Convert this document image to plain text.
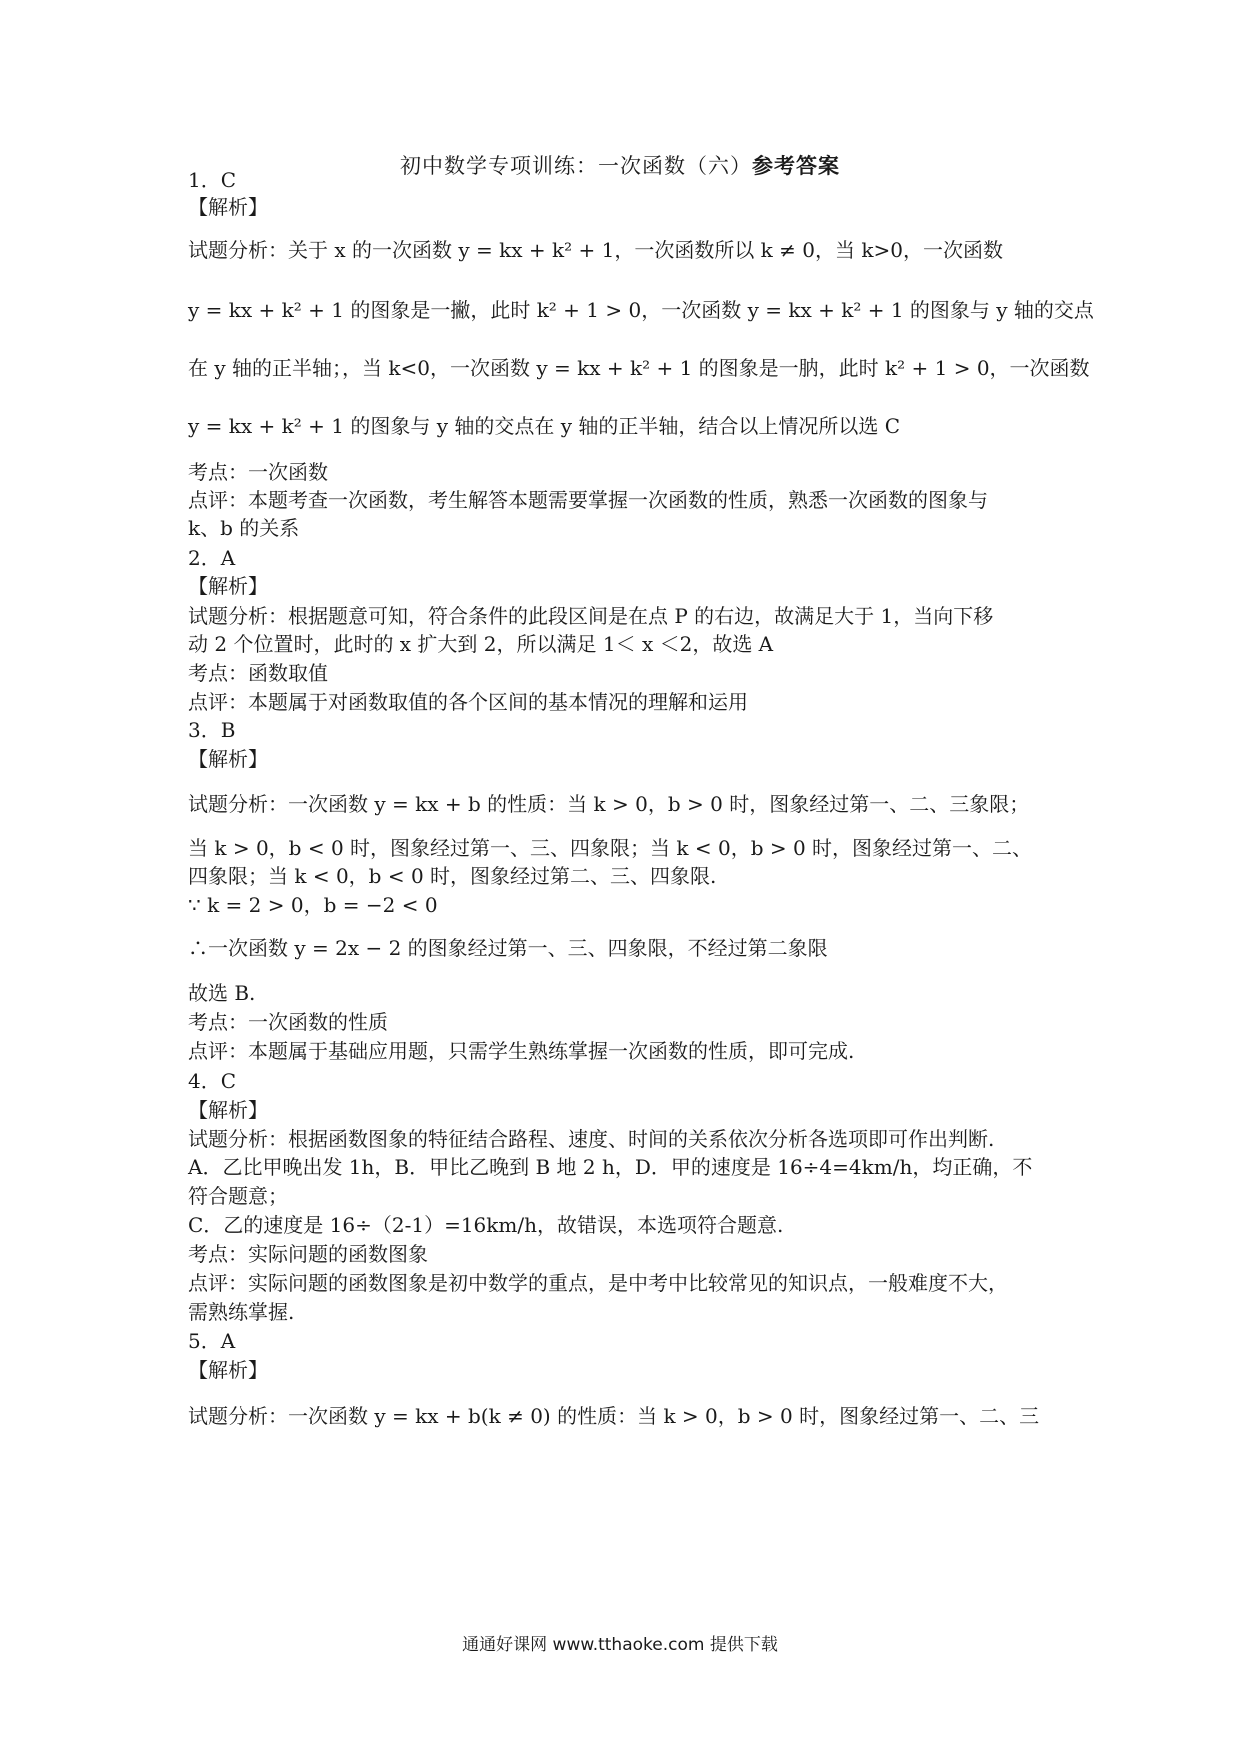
初中数学专项训练：一次函数（六）参考答案
1．C
【解析】
试题分析：关于 x 的一次函数 y = kx + k² + 1，一次函数所以 k ≠ 0，当 k>0，一次函数
y = kx + k² + 1 的图象是一撇，此时 k² + 1 > 0，一次函数 y = kx + k² + 1 的图象与 y 轴的交点
在 y 轴的正半轴；，当 k<0，一次函数 y = kx + k² + 1 的图象是一肭，此时 k² + 1 > 0，一次函数
y = kx + k² + 1 的图象与 y 轴的交点在 y 轴的正半轴，结合以上情况所以选 C
考点：一次函数
点评：本题考查一次函数，考生解答本题需要掌握一次函数的性质，熟悉一次函数的图象与
k、b 的关系
2．A
【解析】
试题分析：根据题意可知，符合条件的此段区间是在点 P 的右边，故满足大于 1，当向下移
动 2 个位置时，此时的 x 扩大到 2，所以满足 1＜ x ＜2，故选 A
考点：函数取值
点评：本题属于对函数取值的各个区间的基本情况的理解和运用
3．B
【解析】
试题分析：一次函数 y = kx + b 的性质：当 k > 0，b > 0 时，图象经过第一、二、三象限；
当 k > 0，b < 0 时，图象经过第一、三、四象限；当 k < 0，b > 0 时，图象经过第一、二、
四象限；当 k < 0，b < 0 时，图象经过第二、三、四象限.
∵ k = 2 > 0，b = −2 < 0
∴一次函数 y = 2x − 2 的图象经过第一、三、四象限，不经过第二象限
故选 B.
考点：一次函数的性质
点评：本题属于基础应用题，只需学生熟练掌握一次函数的性质，即可完成.
4．C
【解析】
试题分析：根据函数图象的特征结合路程、速度、时间的关系依次分析各选项即可作出判断.
A．乙比甲晚出发 1h，B．甲比乙晚到 B 地 2 h，D．甲的速度是 16÷4=4km/h，均正确，不
符合题意；
C．乙的速度是 16÷（2-1）=16km/h，故错误，本选项符合题意.
考点：实际问题的函数图象
点评：实际问题的函数图象是初中数学的重点，是中考中比较常见的知识点，一般难度不大，
需熟练掌握.
5．A
【解析】
试题分析：一次函数 y = kx + b(k ≠ 0) 的性质：当 k > 0，b > 0 时，图象经过第一、二、三
通通好课网 www.tthaoke.com 提供下载
